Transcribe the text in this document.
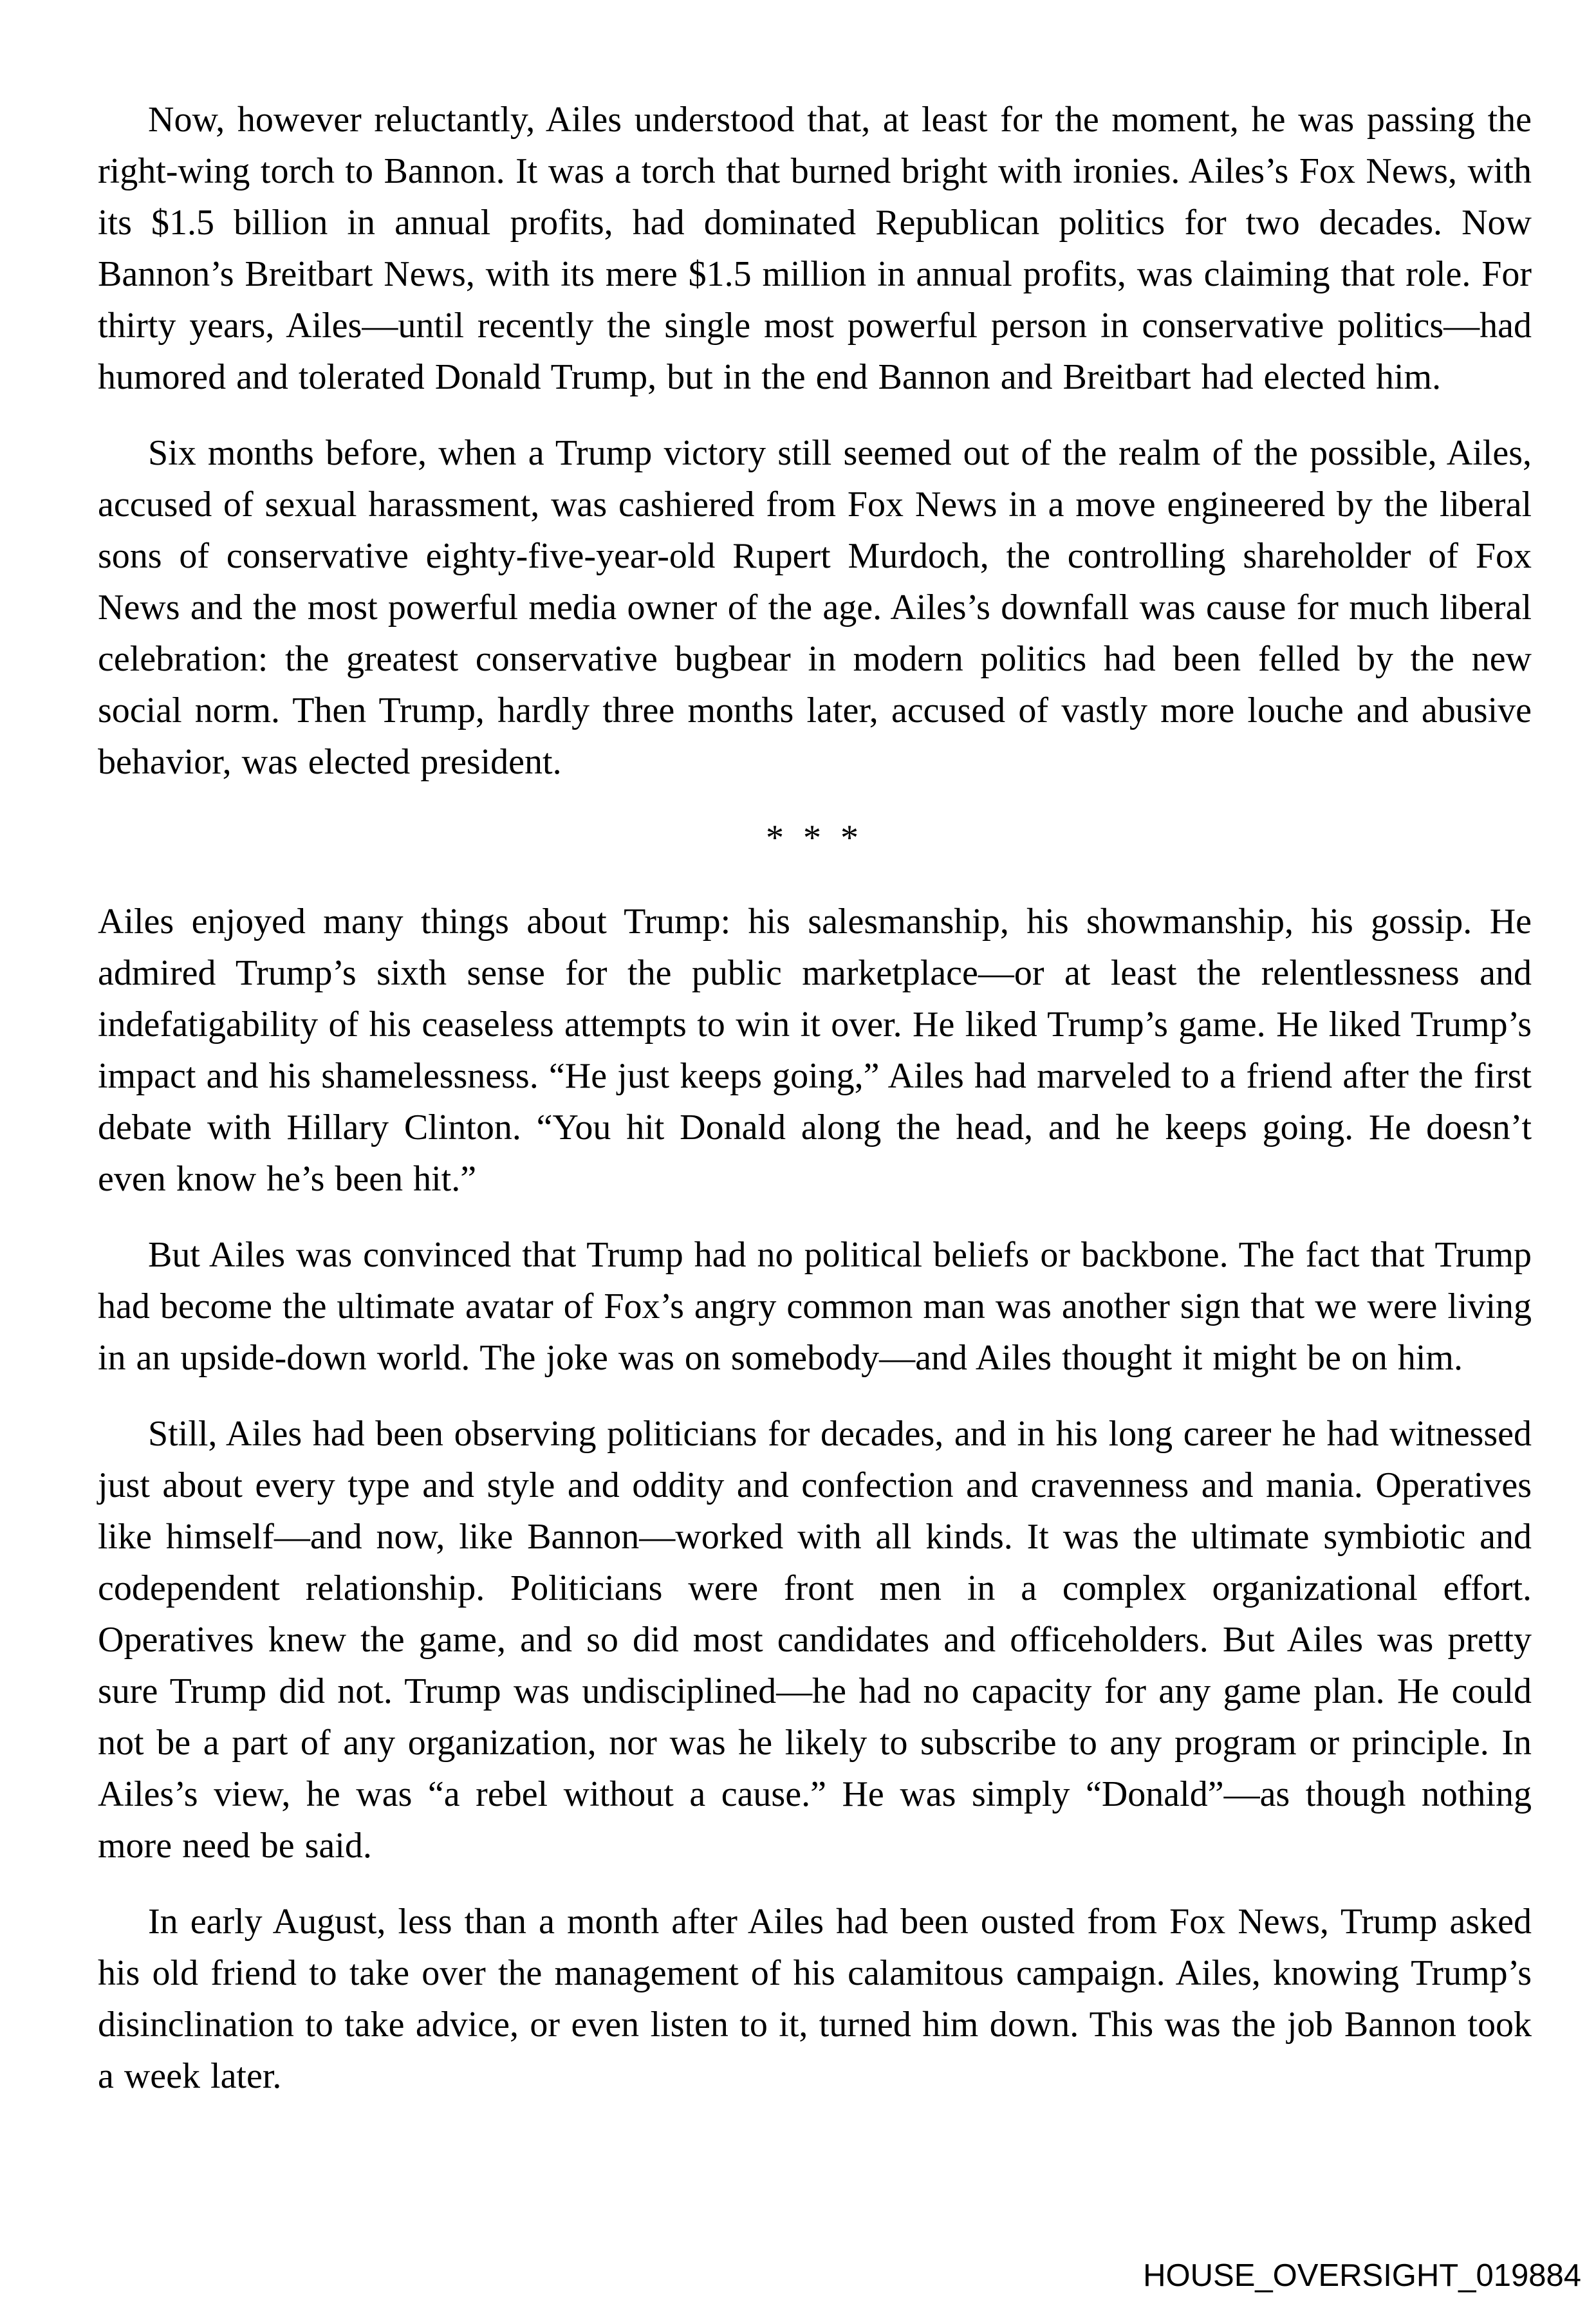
Now, however reluctantly, Ailes understood that, at least for the moment, he was passing the right-wing torch to Bannon. It was a torch that burned bright with ironies. Ailes’s Fox News, with its $1.5 billion in annual profits, had dominated Republican politics for two decades. Now Bannon’s Breitbart News, with its mere $1.5 million in annual profits, was claiming that role. For thirty years, Ailes—until recently the single most powerful person in conservative politics—had humored and tolerated Donald Trump, but in the end Bannon and Breitbart had elected him.

Six months before, when a Trump victory still seemed out of the realm of the possible, Ailes, accused of sexual harassment, was cashiered from Fox News in a move engineered by the liberal sons of conservative eighty-five-year-old Rupert Murdoch, the controlling shareholder of Fox News and the most powerful media owner of the age. Ailes’s downfall was cause for much liberal celebration: the greatest conservative bugbear in modern politics had been felled by the new social norm. Then Trump, hardly three months later, accused of vastly more louche and abusive behavior, was elected president.

* * *

Ailes enjoyed many things about Trump: his salesmanship, his showmanship, his gossip. He admired Trump’s sixth sense for the public marketplace—or at least the relentlessness and indefatigability of his ceaseless attempts to win it over. He liked Trump’s game. He liked Trump’s impact and his shamelessness. “He just keeps going,” Ailes had marveled to a friend after the first debate with Hillary Clinton. “You hit Donald along the head, and he keeps going. He doesn’t even know he’s been hit.”

But Ailes was convinced that Trump had no political beliefs or backbone. The fact that Trump had become the ultimate avatar of Fox’s angry common man was another sign that we were living in an upside-down world. The joke was on somebody—and Ailes thought it might be on him.

Still, Ailes had been observing politicians for decades, and in his long career he had witnessed just about every type and style and oddity and confection and cravenness and mania. Operatives like himself—and now, like Bannon—worked with all kinds. It was the ultimate symbiotic and codependent relationship. Politicians were front men in a complex organizational effort. Operatives knew the game, and so did most candidates and officeholders. But Ailes was pretty sure Trump did not. Trump was undisciplined—he had no capacity for any game plan. He could not be a part of any organization, nor was he likely to subscribe to any program or principle. In Ailes’s view, he was “a rebel without a cause.” He was simply “Donald”—as though nothing more need be said.

In early August, less than a month after Ailes had been ousted from Fox News, Trump asked his old friend to take over the management of his calamitous campaign. Ailes, knowing Trump’s disinclination to take advice, or even listen to it, turned him down. This was the job Bannon took a week later.

HOUSE_OVERSIGHT_019884
